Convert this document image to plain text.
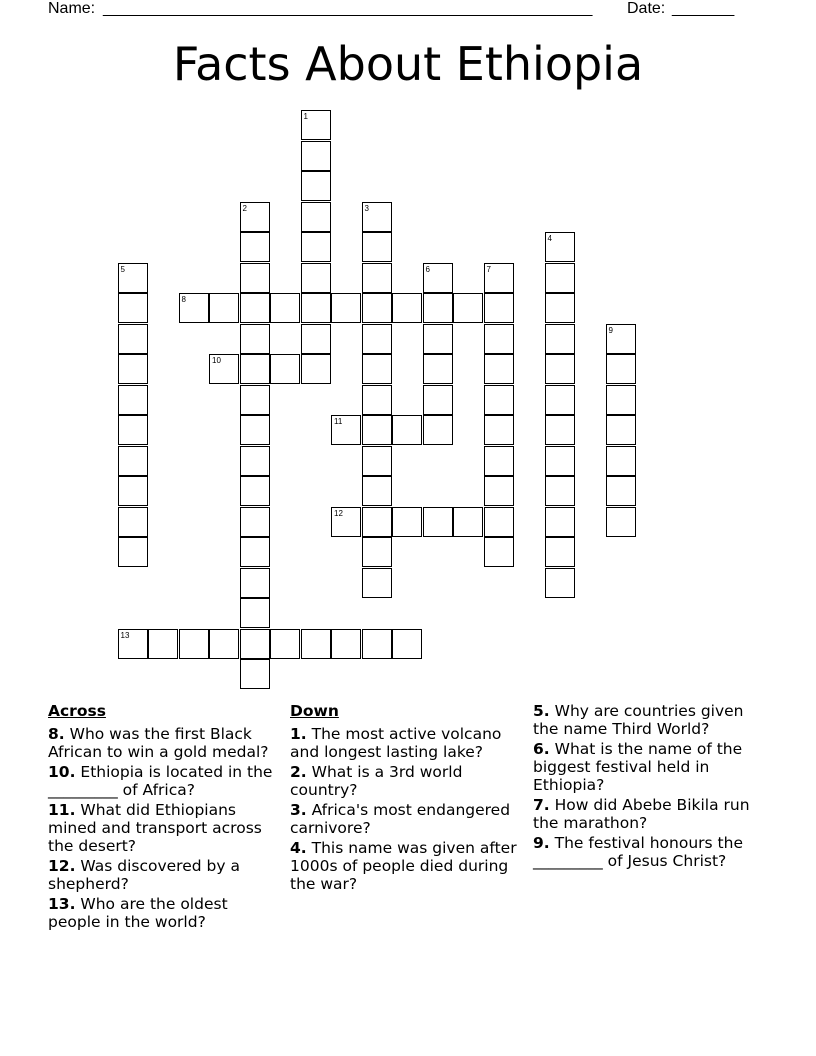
Name: _______________________________________________________ Date: _______
Facts About Ethiopia
1
2	3
4
5	6	7
8
9
10
11
12
13
Across
8. Who was the first Black African to win a gold medal?
10. Ethiopia is located in the _________ of Africa?
11. What did Ethiopians mined and transport across the desert?
12. Was discovered by a shepherd?
13. Who are the oldest people in the world?
Down
1. The most active volcano and longest lasting lake?
2. What is a 3rd world country?
3. Africa's most endangered carnivore?
4. This name was given after 1000s of people died during the war?
5. Why are countries given the name Third World?
6. What is the name of the biggest festival held in Ethiopia?
7. How did Abebe Bikila run the marathon?
9. The festival honours the _________ of Jesus Christ?
